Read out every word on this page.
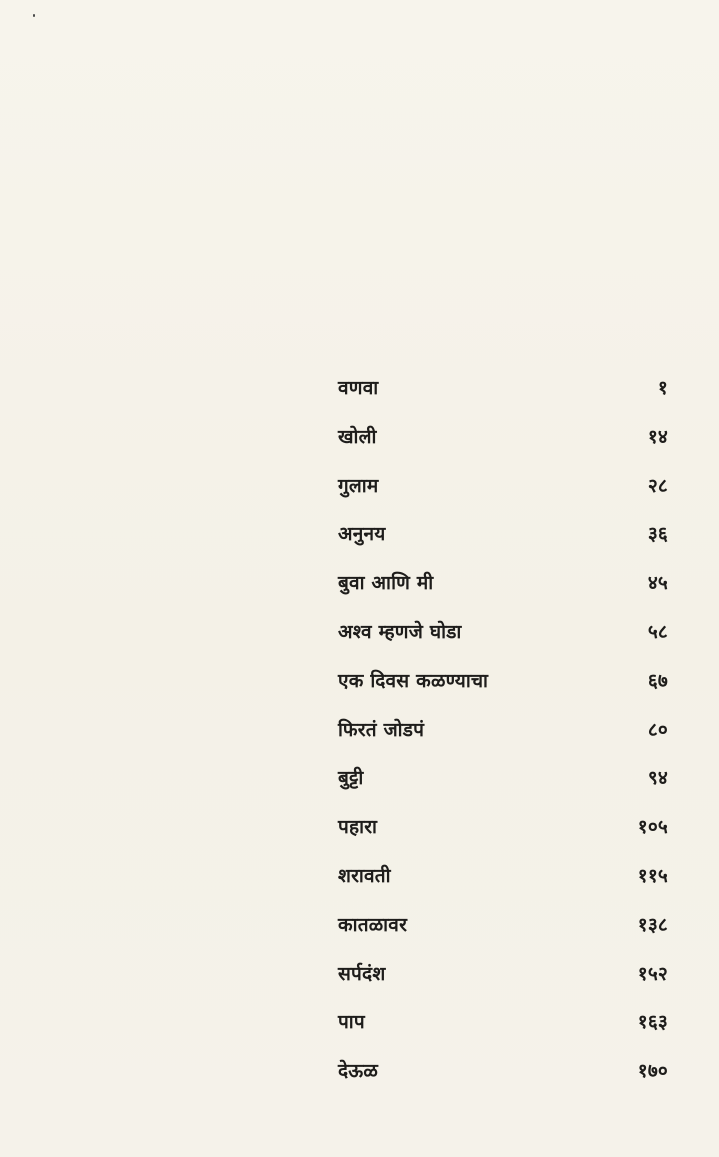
वणवा	१
खोली	१४
गुलाम	२८
अनुनय	३६
बुवा आणि मी	४५
अश्व म्हणजे घोडा	५८
एक दिवस कळण्याचा	६७
फिरतं जोडपं	८०
बुट्टी	९४
पहारा	१०५
शरावती	११५
कातळावर	१३८
सर्पदंश	१५२
पाप	१६३
देऊळ	१७०
